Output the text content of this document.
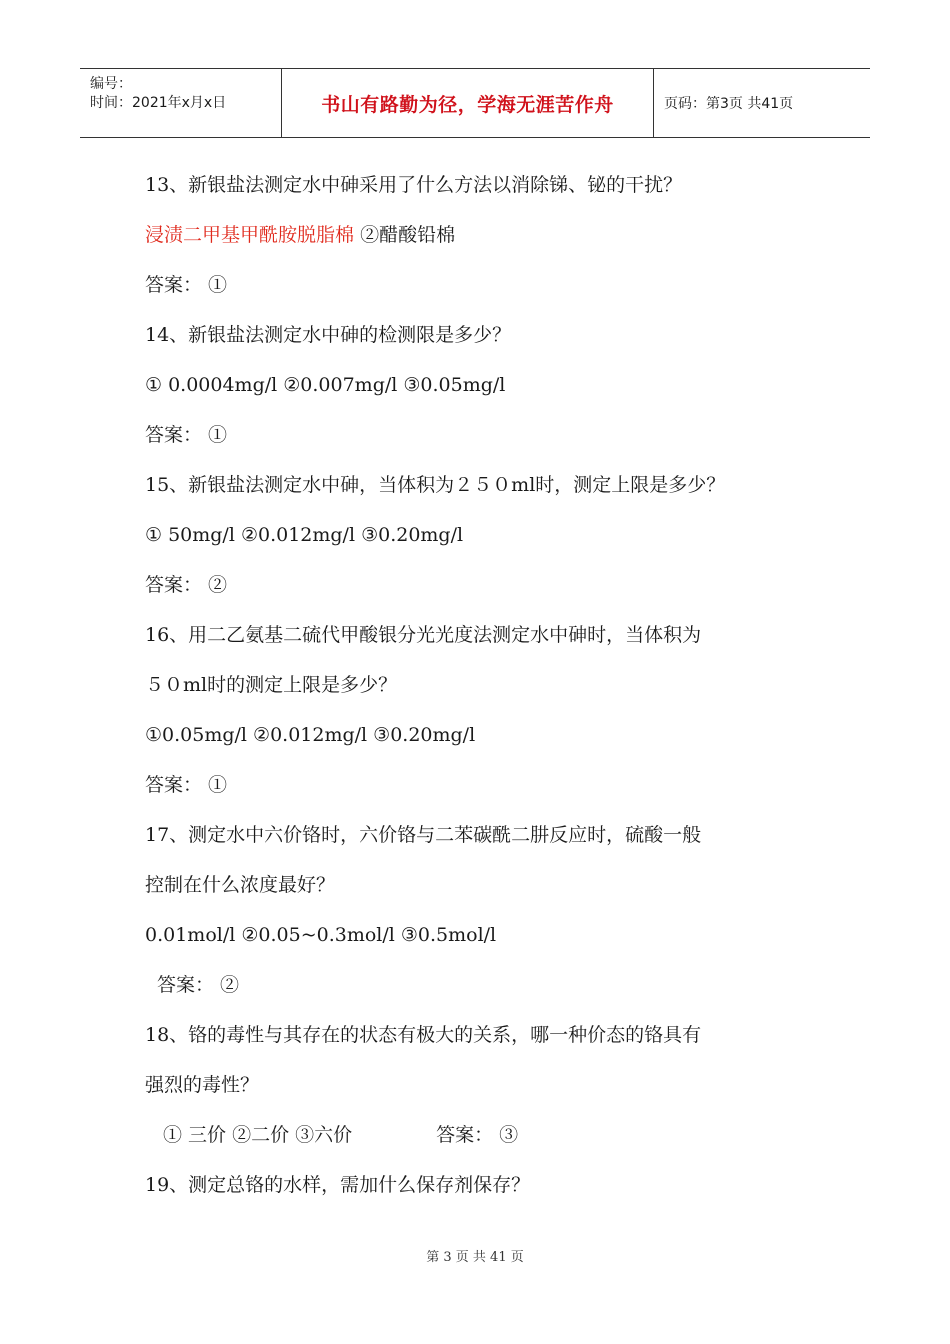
编号：
时间：2021年x月x日	书山有路勤为径，学海无涯苦作舟	页码：第3页 共41页
13、新银盐法测定水中砷采用了什么方法以消除锑、铋的干扰？
浸渍二甲基甲酰胺脱脂棉 ②醋酸铅棉
答案： ①
14、新银盐法测定水中砷的检测限是多少？
① 0.0004mg/l ②0.007mg/l ③0.05mg/l
答案： ①
15、新银盐法测定水中砷，当体积为２５０ml时，测定上限是多少？
① 50mg/l ②0.012mg/l ③0.20mg/l
答案： ②
16、用二乙氨基二硫代甲酸银分光光度法测定水中砷时，当体积为
５０ml时的测定上限是多少？
①0.05mg/l ②0.012mg/l ③0.20mg/l
答案： ①
17、测定水中六价铬时，六价铬与二苯碳酰二肼反应时，硫酸一般
控制在什么浓度最好？
0.01mol/l ②0.05~0.3mol/l ③0.5mol/l
答案： ②
18、铬的毒性与其存在的状态有极大的关系，哪一种价态的铬具有
强烈的毒性？
① 三价 ②二价 ③六价	答案： ③
19、测定总铬的水样，需加什么保存剂保存？
第 3 页 共 41 页
